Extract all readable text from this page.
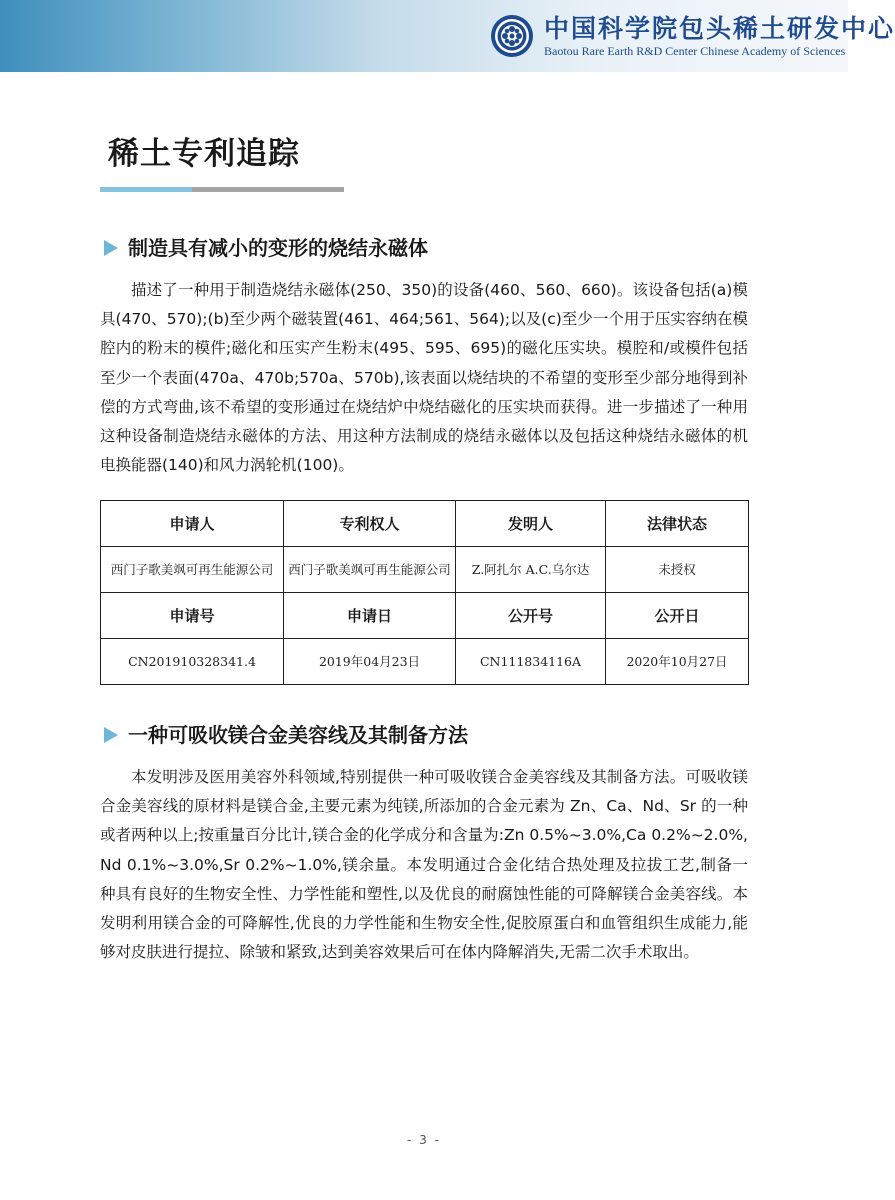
中国科学院包头稀土研发中心
Baotou Rare Earth R&D Center Chinese Academy of Sciences
稀土专利追踪
制造具有减小的变形的烧结永磁体
描述了一种用于制造烧结永磁体(250、350)的设备(460、560、660)。该设备包括(a)模具(470、570);(b)至少两个磁装置(461、464;561、564);以及(c)至少一个用于压实容纳在模腔内的粉末的模件;磁化和压实产生粉末(495、595、695)的磁化压实块。模腔和/或模件包括至少一个表面(470a、470b;570a、570b),该表面以烧结块的不希望的变形至少部分地得到补偿的方式弯曲,该不希望的变形通过在烧结炉中烧结磁化的压实块而获得。进一步描述了一种用这种设备制造烧结永磁体的方法、用这种方法制成的烧结永磁体以及包括这种烧结永磁体的机电换能器(140)和风力涡轮机(100)。
申请人	专利权人	发明人	法律状态
西门子歌美飒可再生能源公司	西门子歌美飒可再生能源公司	Z.阿扎尔 A.C.乌尔达	未授权
申请号	申请日	公开号	公开日
CN201910328341.4	2019年04月23日	CN111834116A	2020年10月27日
一种可吸收镁合金美容线及其制备方法
本发明涉及医用美容外科领域,特别提供一种可吸收镁合金美容线及其制备方法。可吸收镁合金美容线的原材料是镁合金,主要元素为纯镁,所添加的合金元素为 Zn、Ca、Nd、Sr 的一种或者两种以上;按重量百分比计,镁合金的化学成分和含量为:Zn 0.5%~3.0%,Ca 0.2%~2.0%,Nd 0.1%~3.0%,Sr 0.2%~1.0%,镁余量。本发明通过合金化结合热处理及拉拔工艺,制备一种具有良好的生物安全性、力学性能和塑性,以及优良的耐腐蚀性能的可降解镁合金美容线。本发明利用镁合金的可降解性,优良的力学性能和生物安全性,促胶原蛋白和血管组织生成能力,能够对皮肤进行提拉、除皱和紧致,达到美容效果后可在体内降解消失,无需二次手术取出。
- 3 -
